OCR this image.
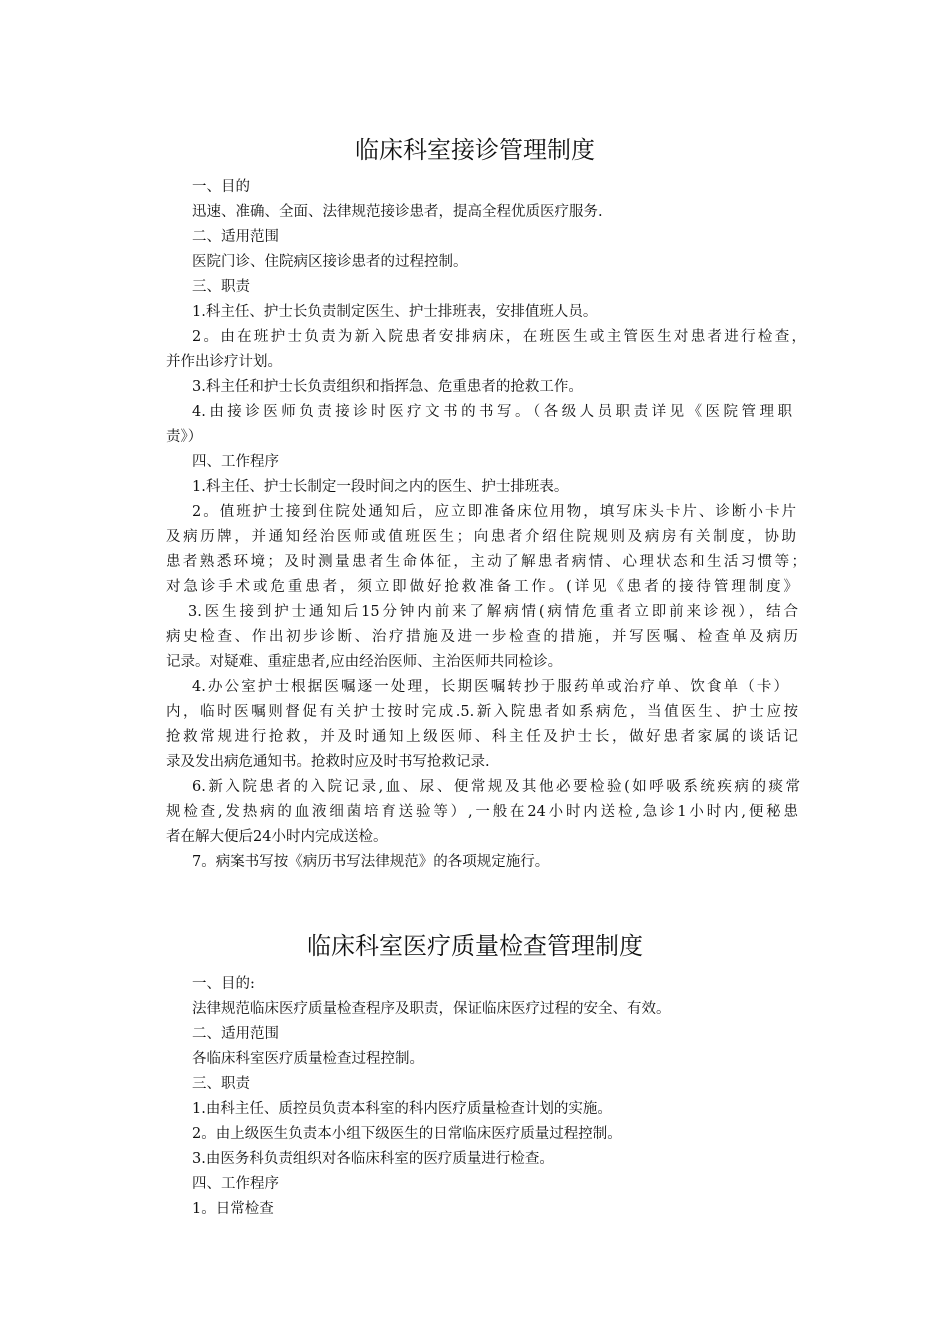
临床科室接诊管理制度

一、目的

迅速、准确、全面、法律规范接诊患者，提高全程优质医疗服务.

二、适用范围

医院门诊、住院病区接诊患者的过程控制。

三、职责

1.科主任、护士长负责制定医生、护士排班表，安排值班人员。

2。由在班护士负责为新入院患者安排病床，在班医生或主管医生对患者进行检查，

并作出诊疗计划。

3.科主任和护士长负责组织和指挥急、危重患者的抢救工作。

4.由接诊医师负责接诊时医疗文书的书写。（各级人员职责详见《医院管理职

责》）

四、工作程序

1.科主任、护士长制定一段时间之内的医生、护士排班表。

2。值班护士接到住院处通知后，应立即准备床位用物，填写床头卡片、诊断小卡片

及病历牌，并通知经治医师或值班医生；向患者介绍住院规则及病房有关制度，协助

患者熟悉环境；及时测量患者生命体征，主动了解患者病情、心理状态和生活习惯等；

对急诊手术或危重患者，须立即做好抢救准备工作。(详见《患者的接待管理制度》

3.医生接到护士通知后15分钟内前来了解病情(病情危重者立即前来诊视），结合

病史检查、作出初步诊断、治疗措施及进一步检查的措施，并写医嘱、检查单及病历

记录。对疑难、重症患者,应由经治医师、主治医师共同检诊。

4.办公室护士根据医嘱逐一处理，长期医嘱转抄于服药单或治疗单、饮食单（卡）

内，临时医嘱则督促有关护士按时完成.5.新入院患者如系病危，当值医生、护士应按

抢救常规进行抢救，并及时通知上级医师、科主任及护士长，做好患者家属的谈话记

录及发出病危通知书。抢救时应及时书写抢救记录.

6.新入院患者的入院记录,血、尿、便常规及其他必要检验(如呼吸系统疾病的痰常

规检查,发热病的血液细菌培育送验等）,一般在24小时内送检,急诊1小时内,便秘患

者在解大便后24小时内完成送检。

7。病案书写按《病历书写法律规范》的各项规定施行。

临床科室医疗质量检查管理制度

一、目的:

法律规范临床医疗质量检查程序及职责，保证临床医疗过程的安全、有效。

二、适用范围

各临床科室医疗质量检查过程控制。

三、职责

1.由科主任、质控员负责本科室的科内医疗质量检查计划的实施。

2。由上级医生负责本小组下级医生的日常临床医疗质量过程控制。

3.由医务科负责组织对各临床科室的医疗质量进行检查。

四、工作程序

1。日常检查
